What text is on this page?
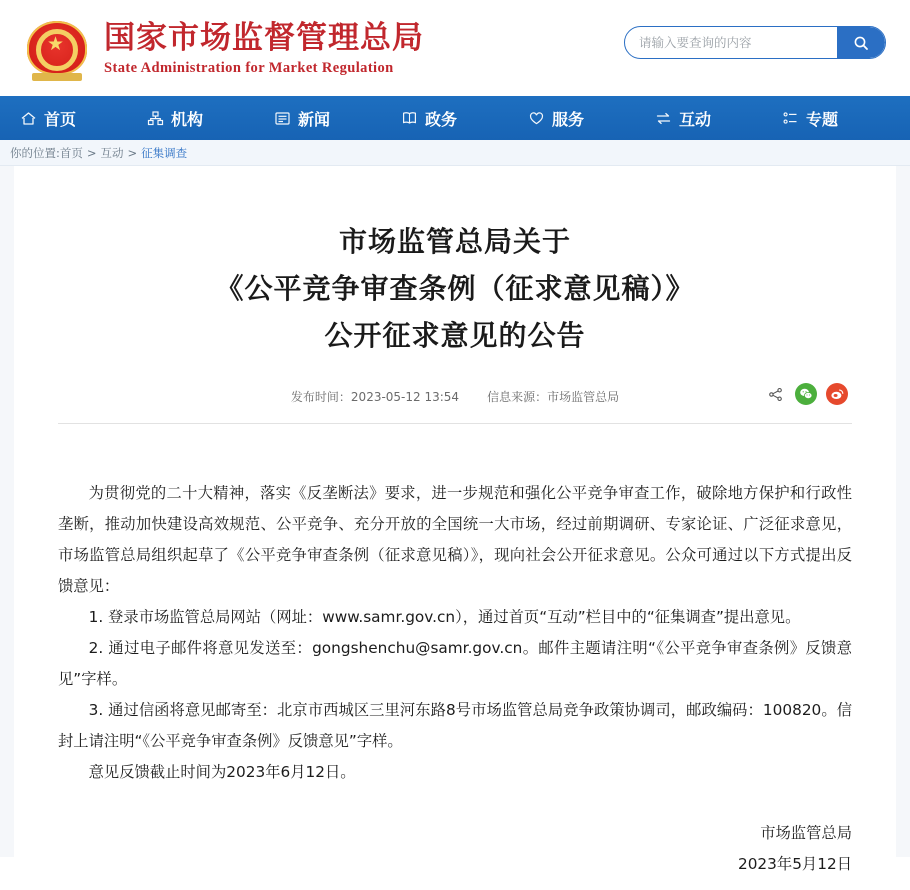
★ 国家市场监督管理总局
State Administration for Market Regulation
请输入要查询的内容
首页	机构	新闻	政务	服务	互动	专题
你的位置: 首页 > 互动 > 征集调查
市场监管总局关于
《公平竞争审查条例（征求意见稿）》
公开征求意见的公告
发布时间：2023-05-12 13:54 信息来源：市场监管总局

为贯彻党的二十大精神，落实《反垄断法》要求，进一步规范和强化公平竞争审查工作，破除地方保护和行政性垄断，推动加快建设高效规范、公平竞争、充分开放的全国统一大市场，经过前期调研、专家论证、广泛征求意见，市场监管总局组织起草了《公平竞争审查条例（征求意见稿）》，现向社会公开征求意见。公众可通过以下方式提出反馈意见：

1. 登录市场监管总局网站（网址：www.samr.gov.cn），通过首页“互动”栏目中的“征集调查”提出意见。

2. 通过电子邮件将意见发送至：gongshenchu@samr.gov.cn。邮件主题请注明“《公平竞争审查条例》反馈意见”字样。

3. 通过信函将意见邮寄至：北京市西城区三里河东路8号市场监管总局竞争政策协调司，邮政编码：100820。信封上请注明“《公平竞争审查条例》反馈意见”字样。

意见反馈截止时间为2023年6月12日。

市场监管总局
2023年5月12日
